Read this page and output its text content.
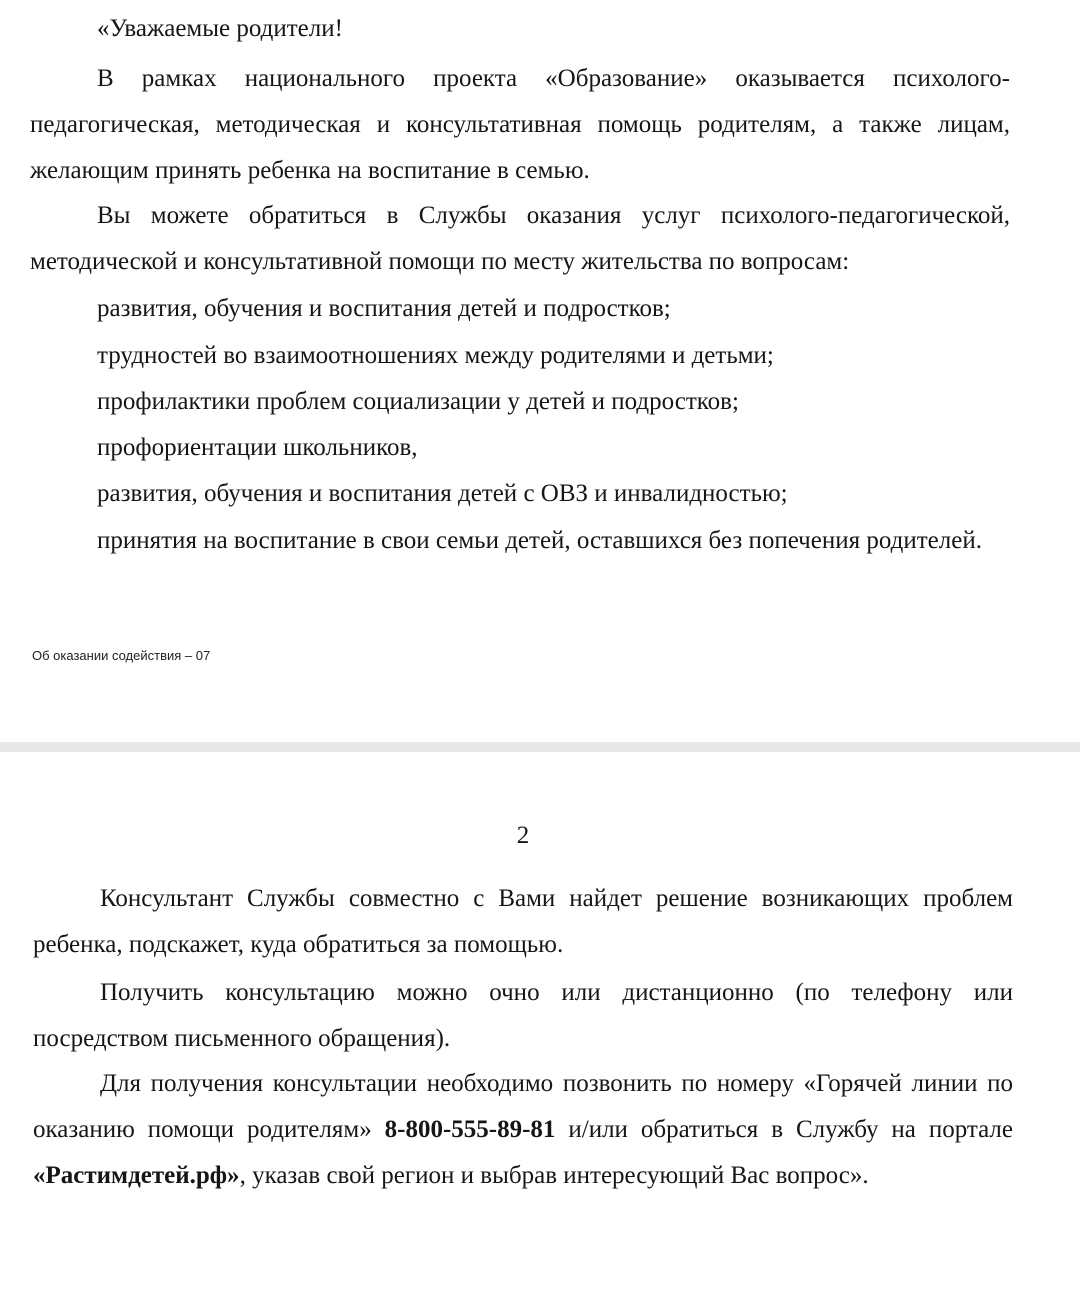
«Уважаемые родители!

В рамках национального проекта «Образование» оказывается психолого-педагогическая, методическая и консультативная помощь родителям, а также лицам, желающим принять ребенка на воспитание в семью.

Вы можете обратиться в Службы оказания услуг психолого-педагогической, методической и консультативной помощи по месту жительства по вопросам:

развития, обучения и воспитания детей и подростков;

трудностей во взаимоотношениях между родителями и детьми;

профилактики проблем социализации у детей и подростков;

профориентации школьников,

развития, обучения и воспитания детей с ОВЗ и инвалидностью;

принятия на воспитание в свои семьи детей, оставшихся без попечения родителей.

Об оказании содействия – 07
2

Консультант Службы совместно с Вами найдет решение возникающих проблем ребенка, подскажет, куда обратиться за помощью.

Получить консультацию можно очно или дистанционно (по телефону или посредством письменного обращения).

Для получения консультации необходимо позвонить по номеру «Горячей линии по оказанию помощи родителям» 8-800-555-89-81 и/или обратиться в Службу на портале «Растимдетей.рф», указав свой регион и выбрав интересующий Вас вопрос».
